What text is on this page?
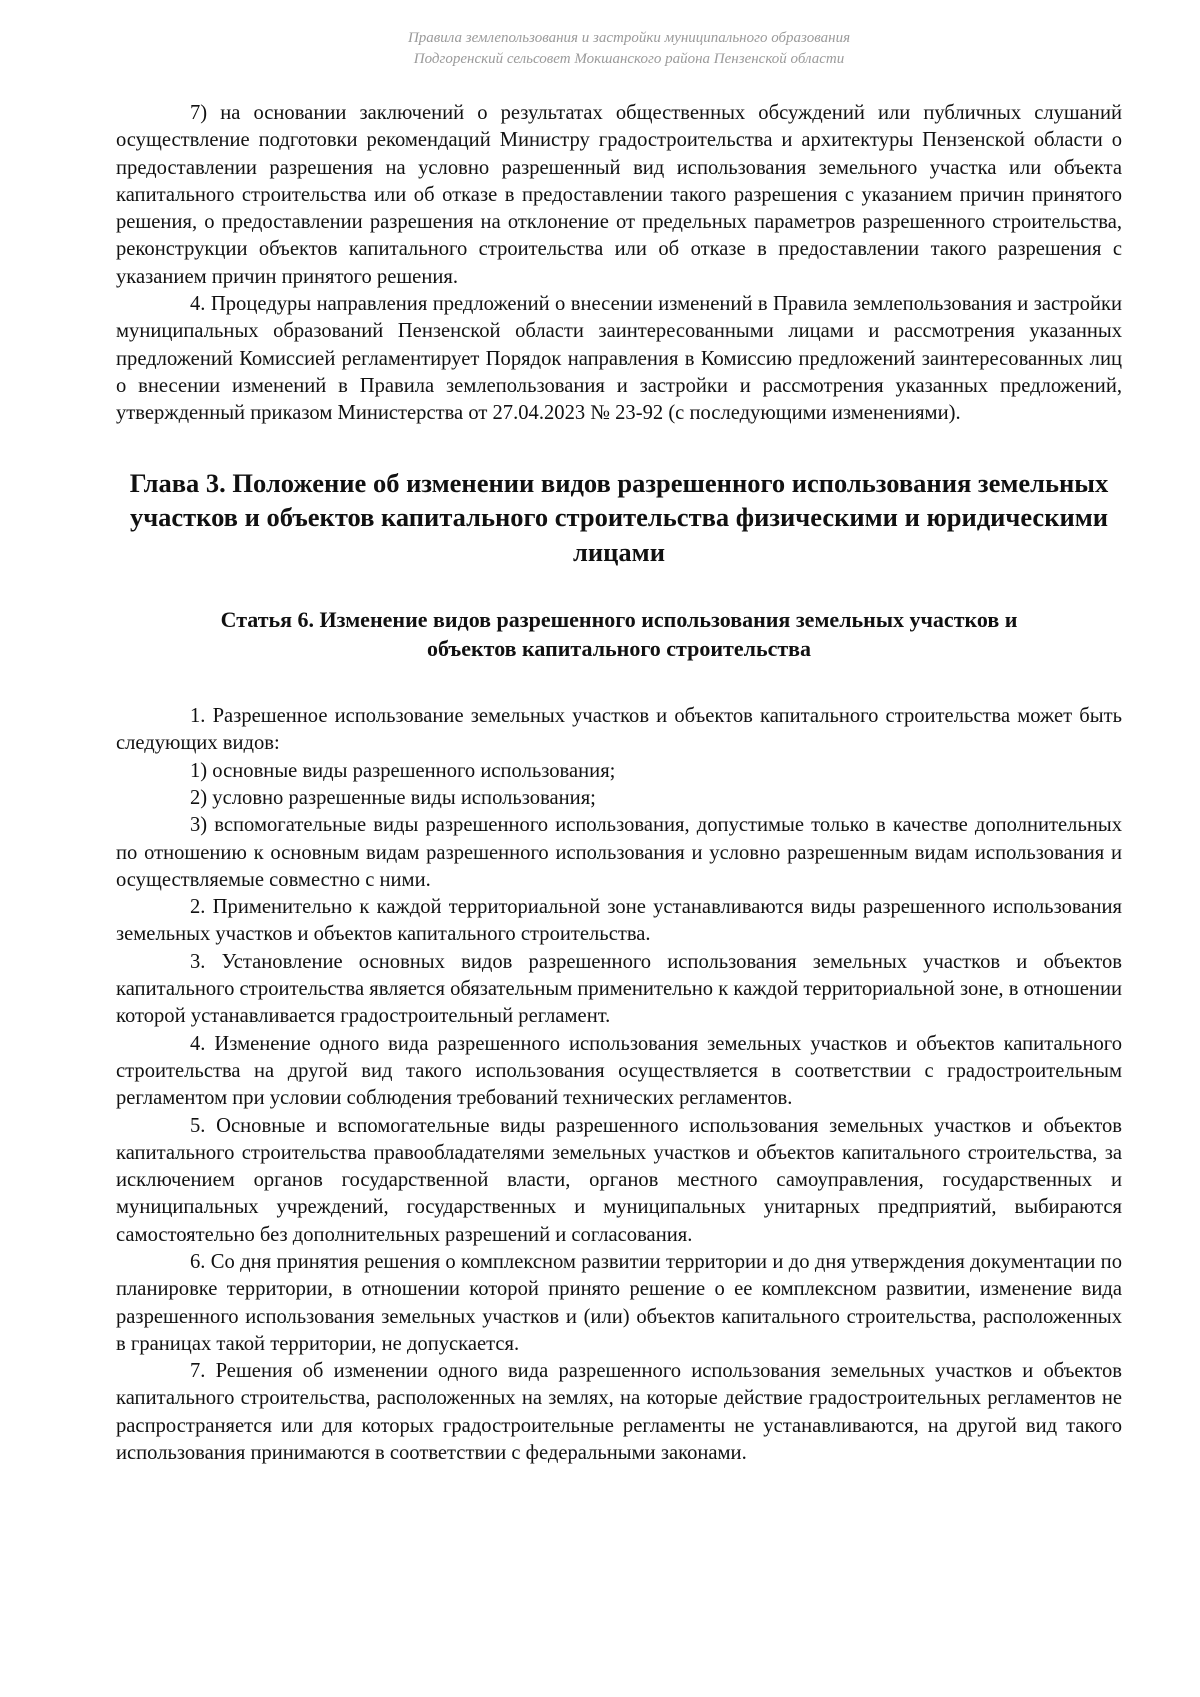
Правила землепользования и застройки муниципального образования
Подгоренский сельсовет Мокшанского района Пензенской области

7) на основании заключений о результатах общественных обсуждений или публичных слушаний осуществление подготовки рекомендаций Министру градостроительства и архитектуры Пензенской области о предоставлении разрешения на условно разрешенный вид использования земельного участка или объекта капитального строительства или об отказе в предоставлении такого разрешения с указанием причин принятого решения, о предоставлении разрешения на отклонение от предельных параметров разрешенного строительства, реконструкции объектов капитального строительства или об отказе в предоставлении такого разрешения с указанием причин принятого решения.

4. Процедуры направления предложений о внесении изменений в Правила землепользования и застройки муниципальных образований Пензенской области заинтересованными лицами и рассмотрения указанных предложений Комиссией регламентирует Порядок направления в Комиссию предложений заинтересованных лиц о внесении изменений в Правила землепользования и застройки и рассмотрения указанных предложений, утвержденный приказом Министерства от 27.04.2023 № 23-92 (с последующими изменениями).

Глава 3. Положение об изменении видов разрешенного использования земельных участков и объектов капитального строительства физическими и юридическими лицами
Статья 6. Изменение видов разрешенного использования земельных участков и
объектов капитального строительства

1. Разрешенное использование земельных участков и объектов капитального строительства может быть следующих видов:

1) основные виды разрешенного использования;

2) условно разрешенные виды использования;

3) вспомогательные виды разрешенного использования, допустимые только в качестве дополнительных по отношению к основным видам разрешенного использования и условно разрешенным видам использования и осуществляемые совместно с ними.

2. Применительно к каждой территориальной зоне устанавливаются виды разрешенного использования земельных участков и объектов капитального строительства.

3. Установление основных видов разрешенного использования земельных участков и объектов капитального строительства является обязательным применительно к каждой территориальной зоне, в отношении которой устанавливается градостроительный регламент.

4. Изменение одного вида разрешенного использования земельных участков и объектов капитального строительства на другой вид такого использования осуществляется в соответствии с градостроительным регламентом при условии соблюдения требований технических регламентов.

5. Основные и вспомогательные виды разрешенного использования земельных участков и объектов капитального строительства правообладателями земельных участков и объектов капитального строительства, за исключением органов государственной власти, органов местного самоуправления, государственных и муниципальных учреждений, государственных и муниципальных унитарных предприятий, выбираются самостоятельно без дополнительных разрешений и согласования.

6. Со дня принятия решения о комплексном развитии территории и до дня утверждения документации по планировке территории, в отношении которой принято решение о ее комплексном развитии, изменение вида разрешенного использования земельных участков и (или) объектов капитального строительства, расположенных в границах такой территории, не допускается.

7. Решения об изменении одного вида разрешенного использования земельных участков и объектов капитального строительства, расположенных на землях, на которые действие градостроительных регламентов не распространяется или для которых градостроительные регламенты не устанавливаются, на другой вид такого использования принимаются в соответствии с федеральными законами.
